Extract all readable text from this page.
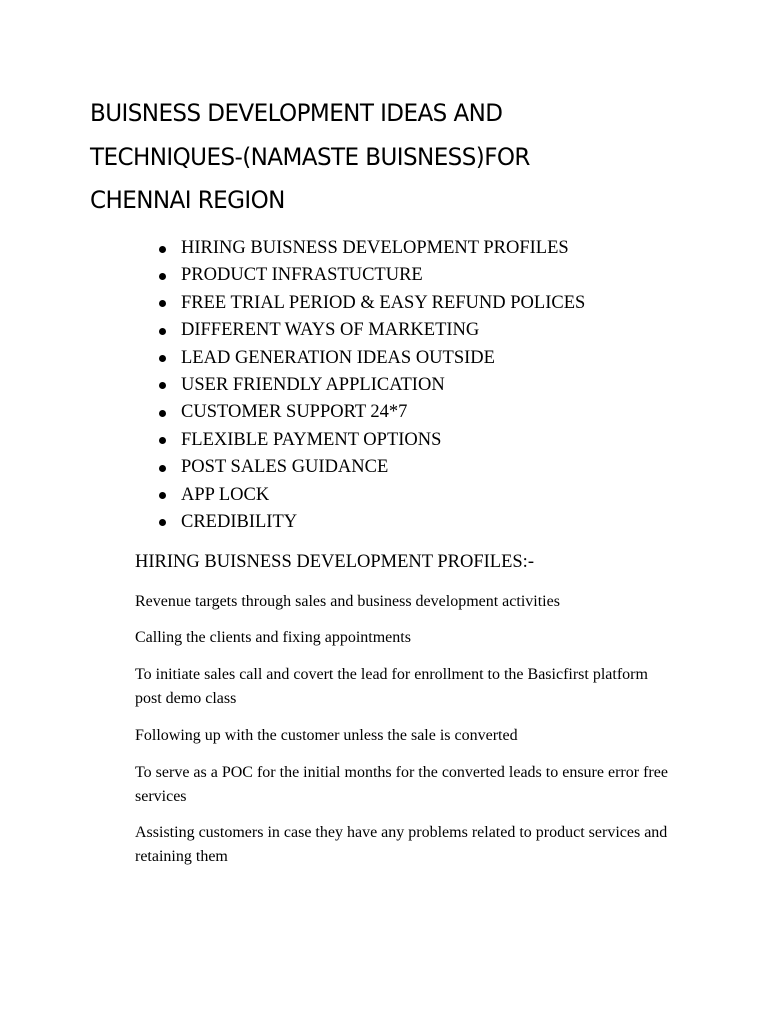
BUISNESS DEVELOPMENT IDEAS AND TECHNIQUES-(NAMASTE BUISNESS)FOR CHENNAI REGION
HIRING BUISNESS DEVELOPMENT PROFILES
PRODUCT INFRASTUCTURE
FREE TRIAL PERIOD & EASY REFUND POLICES
DIFFERENT WAYS OF MARKETING
LEAD GENERATION IDEAS OUTSIDE
USER FRIENDLY APPLICATION
CUSTOMER SUPPORT 24*7
FLEXIBLE PAYMENT OPTIONS
POST SALES GUIDANCE
APP LOCK
CREDIBILITY
HIRING BUISNESS DEVELOPMENT PROFILES:-

Revenue targets through sales and business development activities

Calling the clients and fixing appointments

To initiate sales call and covert the lead for enrollment to the Basicfirst platform post demo class

Following up with the customer unless the sale is converted

To serve as a POC for the initial months for the converted leads to ensure error free services

Assisting customers in case they have any problems related to product services and retaining them
